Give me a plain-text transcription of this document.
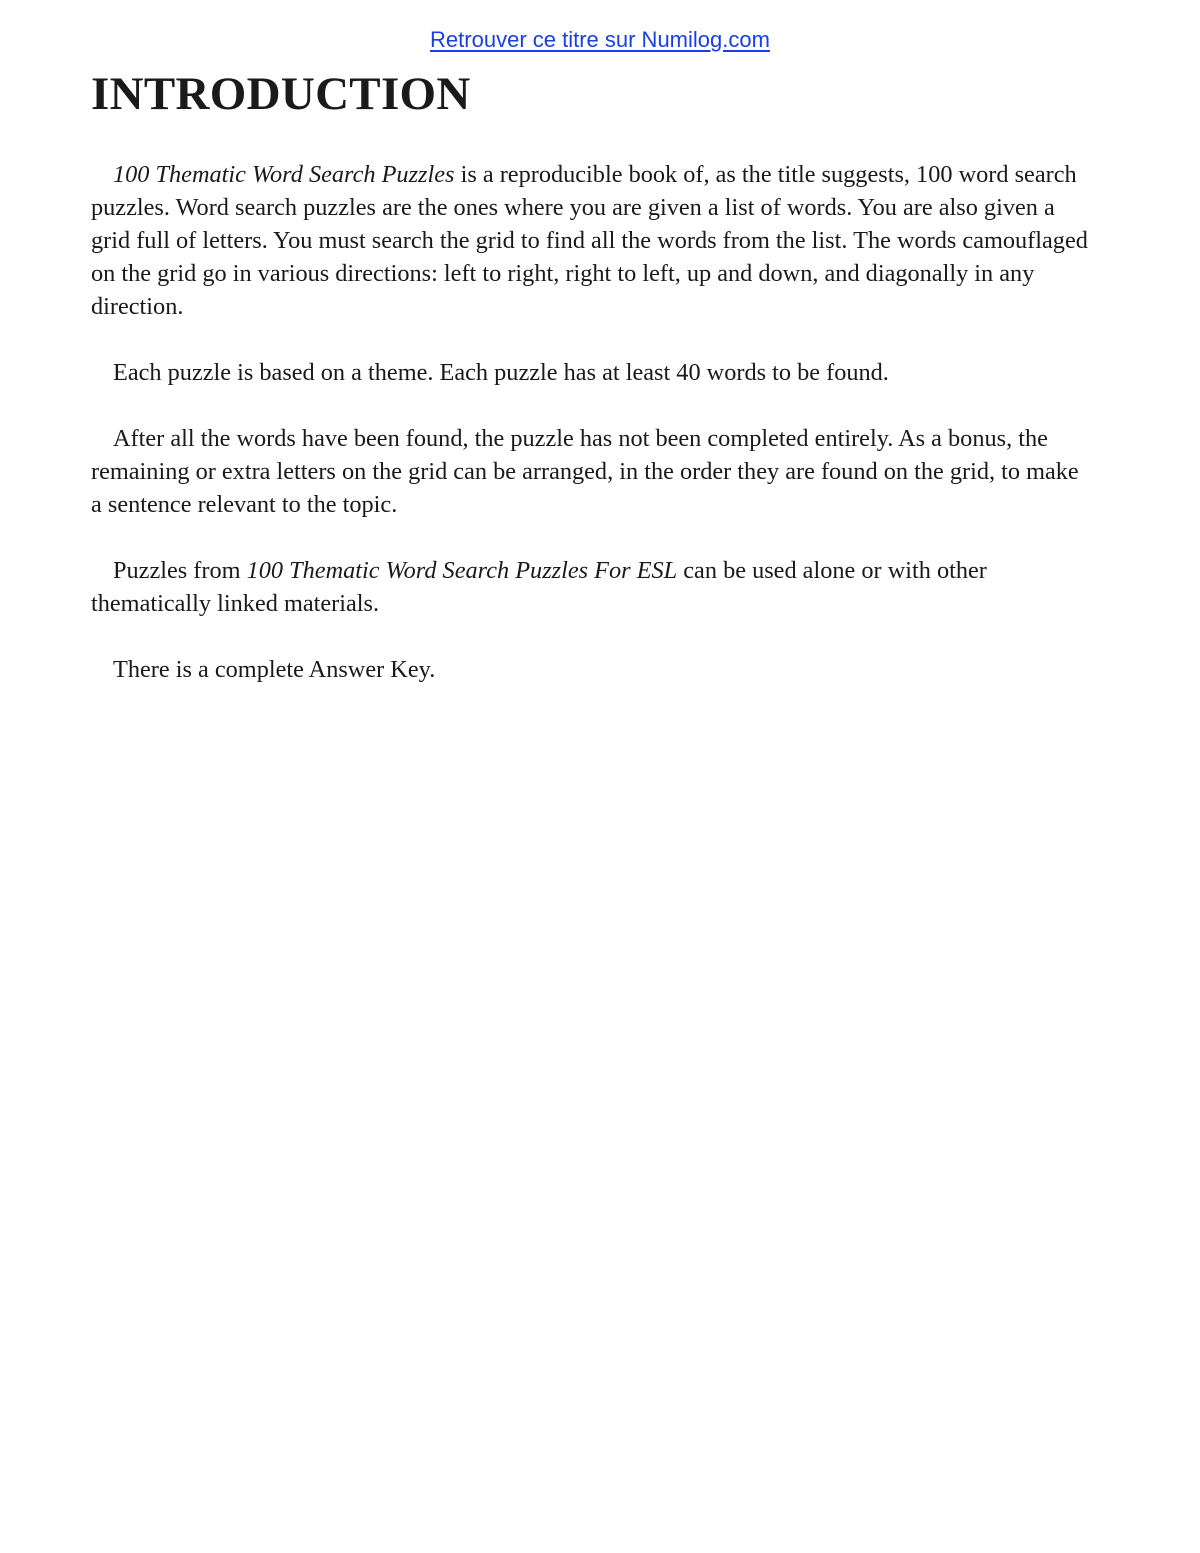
Retrouver ce titre sur Numilog.com
INTRODUCTION

100 Thematic Word Search Puzzles is a reproducible book of, as the title suggests, 100 word search puzzles. Word search puzzles are the ones where you are given a list of words. You are also given a grid full of letters. You must search the grid to find all the words from the list. The words camouflaged on the grid go in various directions: left to right, right to left, up and down, and diagonally in any direction.

Each puzzle is based on a theme. Each puzzle has at least 40 words to be found.

After all the words have been found, the puzzle has not been completed entirely. As a bonus, the remaining or extra letters on the grid can be arranged, in the order they are found on the grid, to make a sentence relevant to the topic.

Puzzles from 100 Thematic Word Search Puzzles For ESL can be used alone or with other thematically linked materials.

There is a complete Answer Key.
